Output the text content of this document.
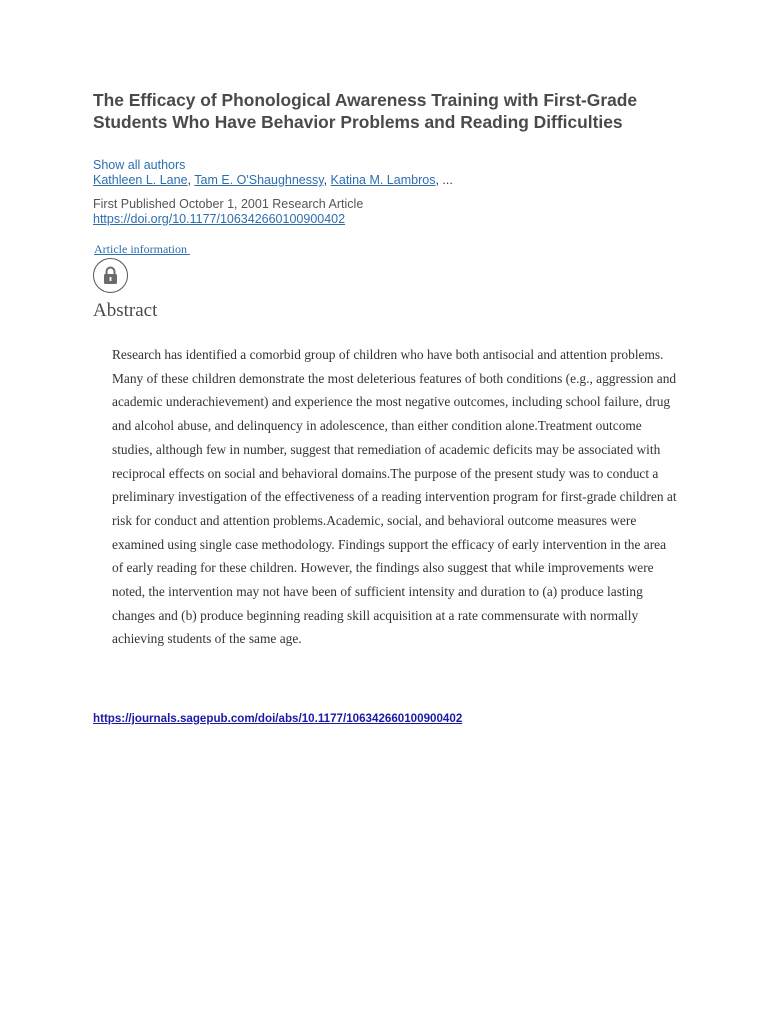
The Efficacy of Phonological Awareness Training with First-Grade Students Who Have Behavior Problems and Reading Difficulties
Show all authors
Kathleen L. Lane, Tam E. O'Shaughnessy, Katina M. Lambros, ...
First Published October 1, 2001 Research Article
https://doi.org/10.1177/106342660100900402
Article information
Abstract

Research has identified a comorbid group of children who have both antisocial and attention problems. Many of these children demonstrate the most deleterious features of both conditions (e.g., aggression and academic underachievement) and experience the most negative outcomes, including school failure, drug and alcohol abuse, and delinquency in adolescence, than either condition alone.Treatment outcome studies, although few in number, suggest that remediation of academic deficits may be associated with reciprocal effects on social and behavioral domains.The purpose of the present study was to conduct a preliminary investigation of the effectiveness of a reading intervention program for first-grade children at risk for conduct and attention problems.Academic, social, and behavioral outcome measures were examined using single case methodology. Findings support the efficacy of early intervention in the area of early reading for these children. However, the findings also suggest that while improvements were noted, the intervention may not have been of sufficient intensity and duration to (a) produce lasting changes and (b) produce beginning reading skill acquisition at a rate commensurate with normally achieving students of the same age.

https://journals.sagepub.com/doi/abs/10.1177/106342660100900402
